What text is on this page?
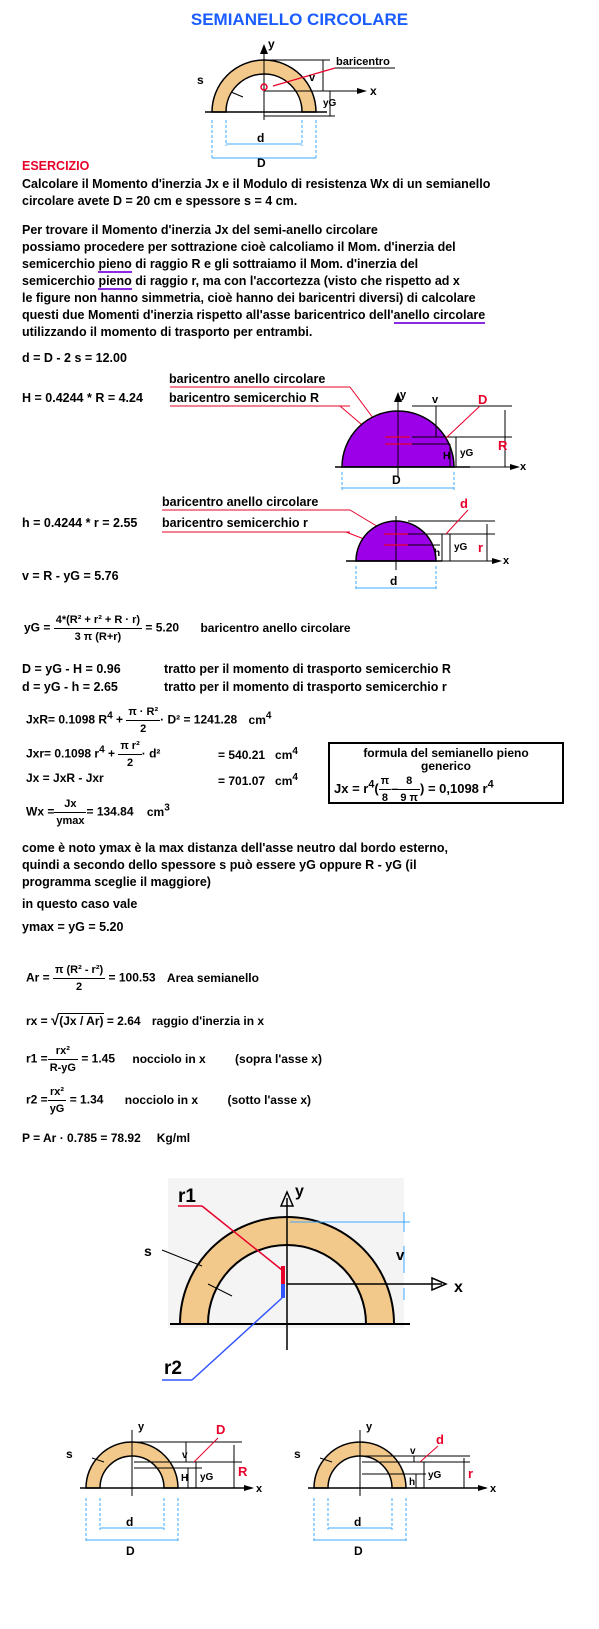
SEMIANELLO CIRCOLARE
y
s	v
baricentro
yG
x
d
D
ESERCIZIO
Calcolare il Momento d'inerzia Jx e il Modulo di resistenza Wx di un semianello
circolare avete D = 20 cm e spessore s = 4 cm.
Per trovare il Momento d'inerzia Jx del semi-anello circolare
possiamo procedere per sottrazione cioè calcoliamo il Mom. d'inerzia del
semicerchio pieno di raggio R e gli sottraiamo il Mom. d'inerzia del
semicerchio pieno di raggio r, ma con l'accortezza (visto che rispetto ad x
le figure non hanno simmetria, cioè hanno dei baricentri diversi) di calcolare
questi due Momenti d'inerzia rispetto all'asse baricentrico dell'anello circolare
utilizzando il momento di trasporto per entrambi.
d = D - 2 s = 12.00
H = 0.4244 * R = 4.24
baricentro anello circolare
baricentro semicerchio R	y v	D
R
H yG
x
D
baricentro anello circolare
baricentro semicerchio r
h = 0.4244 * r = 2.55
d
r
h
yG
x
d
v = R - yG = 5.76
yG = $\frac{\text{4*(R² + r² + R · r)}}{3 \pi (R+r)} = 5.20$ baricentro anello circolare
D = yG - H = 0.96	tratto per il momento di trasporto semicerchio R
d = yG - h = 2.65	tratto per il momento di trasporto semicerchio r
JxR= 0.1098 $R^4 + \frac{\text{π · R²}}{2} \cdot D^2 = 1241.28$ $cm^4$
Jxr= 0.1098 $r^4 + \frac{\text{π r²}}{2} \cdot d^2$	= 540.21 $cm^4$
Jx = JxR - Jxr	= 701.07 $cm^4$
$Wx = \frac{Jx}{ymax} = 134.84$ $cm^3$
formula del semianello pieno
generico
$Jx = r^4( \frac{\pi}{8} - \frac{8}{9 \pi}$ ) = 0,1098 $r^4$
come è noto ymax è la max distanza dell'asse neutro dal bordo esterno,
quindi a secondo dello spessore s può essere yG oppure R - yG (il
programma sceglie il maggiore)
in questo caso vale
ymax = yG = 5.20
$Ar = \frac{\text{π (R² - r²)}}{2} = 100.53$ Area semianello
rx = √(Jx / Ar) = 2.64 raggio d'inerzia in x
$r1 = \frac{\text{rx²}}{R-yG} = 1.45$ nocciolo in x (sopra l'asse x)
$r2 = \frac{\text{rx²}}{yG} = 1.34$ nocciolo in x (sotto l'asse x)
P = Ar · 0.785 = 78.92 Kg/ml
r1	y
s	v
x
r2
y
s
D
v
H yG R
x
d
D
y
s
d
v
h
yG r
x
d
D
